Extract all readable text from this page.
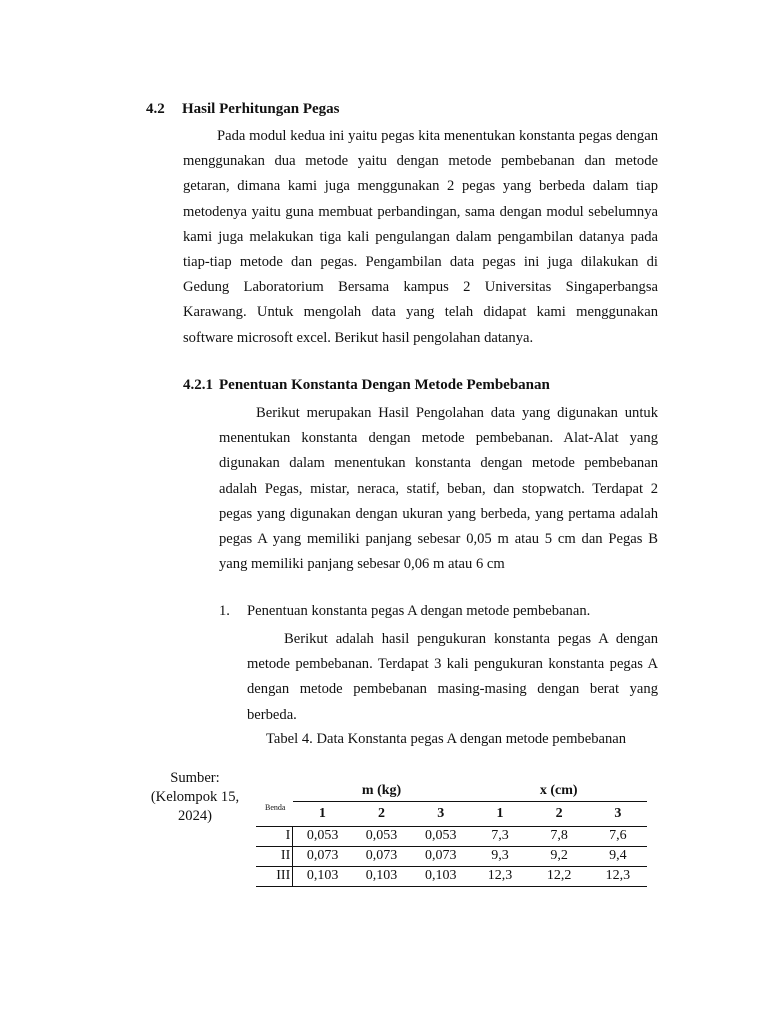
4.2 Hasil Perhitungan Pegas

Pada modul kedua ini yaitu pegas kita menentukan konstanta pegas dengan menggunakan dua metode yaitu dengan metode pembebanan dan metode getaran, dimana kami juga menggunakan 2 pegas yang berbeda dalam tiap metodenya yaitu guna membuat perbandingan, sama dengan modul sebelumnya kami juga melakukan tiga kali pengulangan dalam pengambilan datanya pada tiap-tiap metode dan pegas. Pengambilan data pegas ini juga dilakukan di Gedung Laboratorium Bersama kampus 2 Universitas Singaperbangsa Karawang. Untuk mengolah data yang telah didapat kami menggunakan software microsoft excel. Berikut hasil pengolahan datanya.

4.2.1 Penentuan Konstanta Dengan Metode Pembebanan

Berikut merupakan Hasil Pengolahan data yang digunakan untuk menentukan konstanta dengan metode pembebanan. Alat-Alat yang digunakan dalam menentukan konstanta dengan metode pembebanan adalah Pegas, mistar, neraca, statif, beban, dan stopwatch. Terdapat 2 pegas yang digunakan dengan ukuran yang berbeda, yang pertama adalah pegas A yang memiliki panjang sebesar 0,05 m atau 5 cm dan Pegas B yang memiliki panjang sebesar 0,06 m atau 6 cm

1. Penentuan konstanta pegas A dengan metode pembebanan.

Berikut adalah hasil pengukuran konstanta pegas A dengan metode pembebanan. Terdapat 3 kali pengukuran konstanta pegas A dengan metode pembebanan masing-masing dengan berat yang berbeda.

Tabel 4. Data Konstanta pegas A dengan metode pembebanan
Sumber: (Kelompok 15, 2024)
	m (kg)			x (cm)		
Benda	1	2	3	1	2	3
I	0,053	0,053	0,053	7,3	7,8	7,6
II	0,073	0,073	0,073	9,3	9,2	9,4
III	0,103	0,103	0,103	12,3	12,2	12,3
